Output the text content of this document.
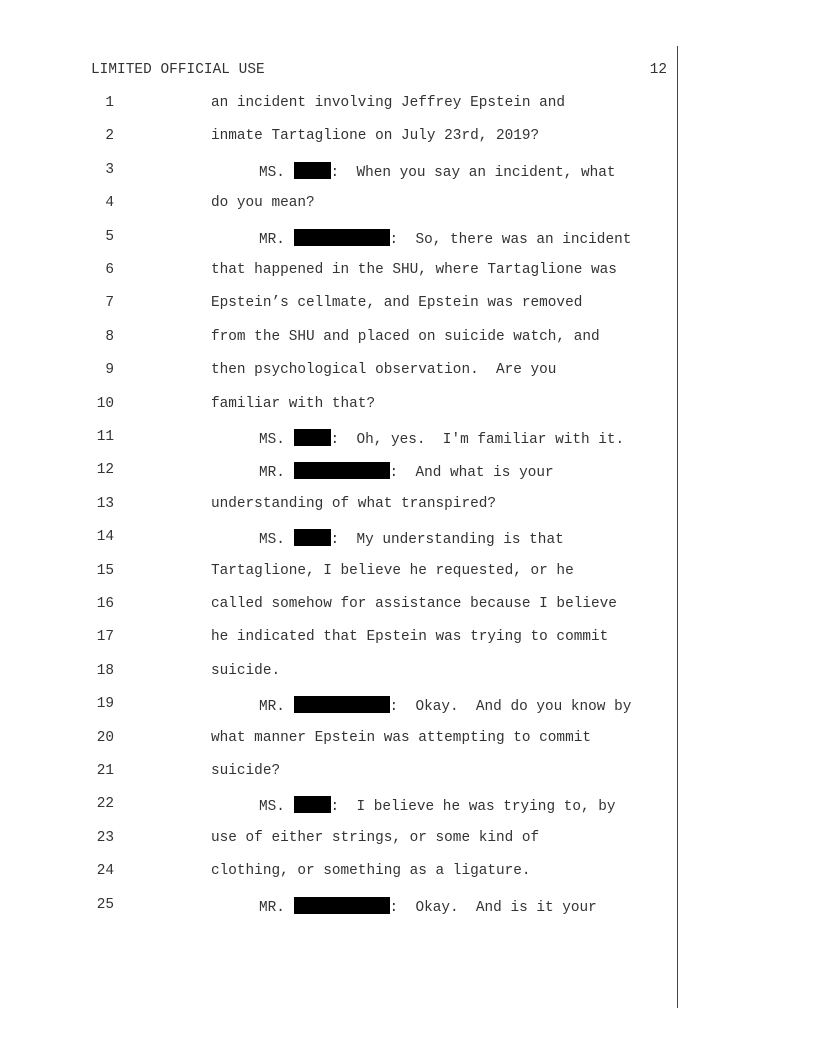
LIMITED OFFICIAL USE	12
1	an incident involving Jeffrey Epstein and
2	inmate Tartaglione on July 23rd, 2019?
3	MS.	:  When you say an incident, what
4	do you mean?
5	MR.	:  So, there was an incident
6	that happened in the SHU, where Tartaglione was
7	Epstein’s cellmate, and Epstein was removed
8	from the SHU and placed on suicide watch, and
9	then psychological observation.  Are you
10	familiar with that?
11	MS.	:  Oh, yes.  I'm familiar with it.
12	MR.	:  And what is your
13	understanding of what transpired?
14	MS.	:  My understanding is that
15	Tartaglione, I believe he requested, or he
16	called somehow for assistance because I believe
17	he indicated that Epstein was trying to commit
18	suicide.
19	MR.	:  Okay.  And do you know by
20	what manner Epstein was attempting to commit
21	suicide?
22	MS.	:  I believe he was trying to, by
23	use of either strings, or some kind of
24	clothing, or something as a ligature.
25	MR.	:  Okay.  And is it your
